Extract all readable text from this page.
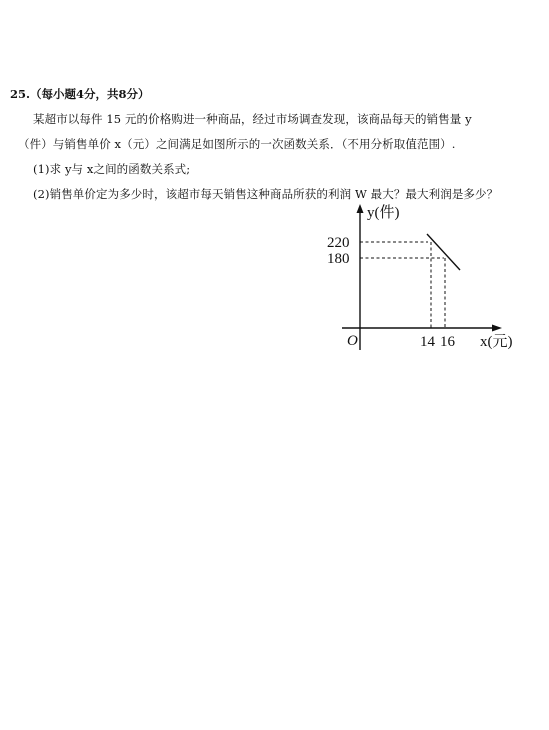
25.（每小题4分，共8分）
某超市以每件 15 元的价格购进一种商品，经过市场调查发现，该商品每天的销售量 y
（件）与销售单价 x（元）之间满足如图所示的一次函数关系．（不用分析取值范围）.
(1)求 y与 x之间的函数关系式;
(2)销售单价定为多少时，该超市每天销售这种商品所获的利润 W 最大？最大利润是多少？
y(件)
x(元)
O
220
180
14 16
